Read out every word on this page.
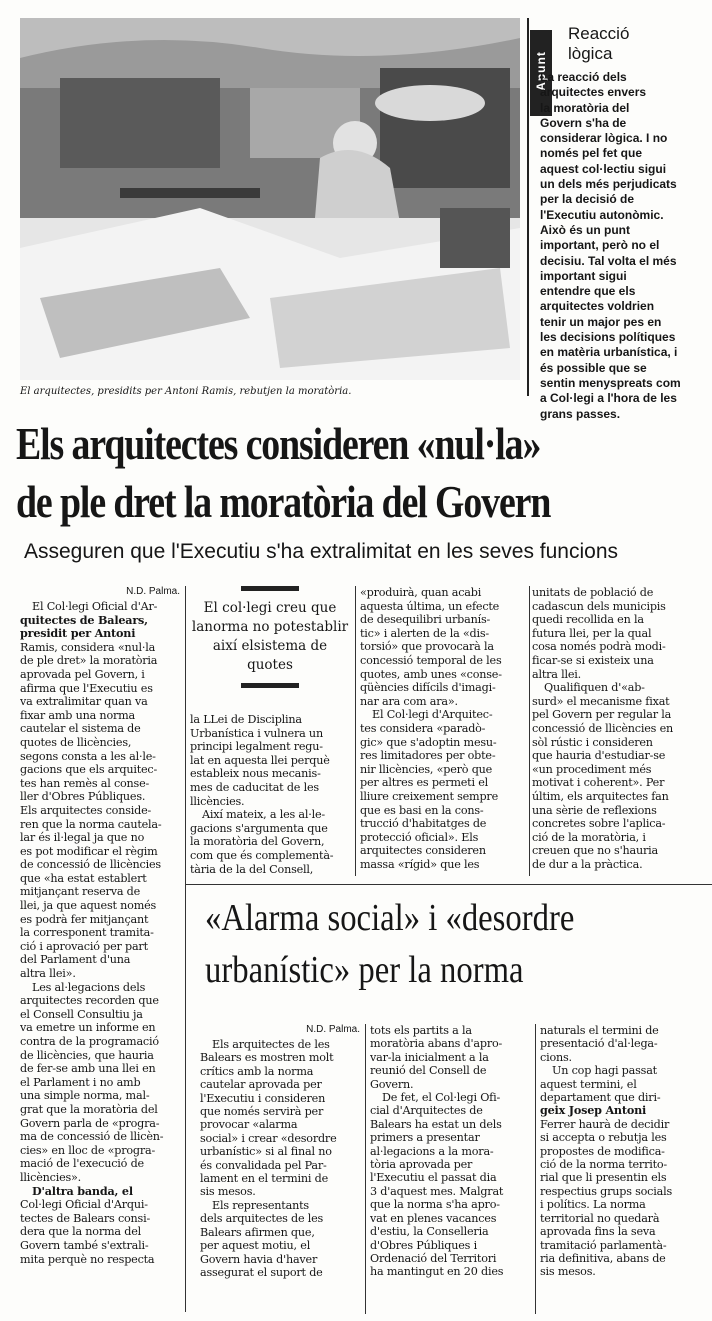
El arquitectes, presidits per Antoni Ramis, rebutjen la moratòria.
Apunt
Reacció
lògica
La reacció dels
arquitectes envers
la moratòria del
Govern s'ha de
considerar lògica. I no
només pel fet que
aquest col·lectiu sigui
un dels més perjudicats
per la decisió de
l'Executiu autonòmic.
Això és un punt
important, però no el
decisiu. Tal volta el més
important sigui
entendre que els
arquitectes voldrien
tenir un major pes en
les decisions polítiques
en matèria urbanística, i
és possible que se
sentin menyspreats com
a Col·legi a l'hora de les
grans passes.
Els arquitectes consideren «nul·la»
de ple dret la moratòria del Govern
Asseguren que l'Executiu s'ha extralimitat en les seves funcions
N.D. Palma.
El Col·legi Oficial d'Ar-
quitectes de Balears,
presidit per Antoni
Ramis, considera «nul·la
de ple dret» la moratòria
aprovada pel Govern, i
afirma que l'Executiu es
va extralimitar quan va
fixar amb una norma
cautelar el sistema de
quotes de llicències,
segons consta a les al·le-
gacions que els arquitec-
tes han remès al conse-
ller d'Obres Públiques.
Els arquitectes conside-
ren que la norma cautela-
lar és il·legal ja que no
es pot modificar el règim
de concessió de llicències
que «ha estat establert
mitjançant reserva de
llei, ja que aquest només
es podrà fer mitjançant
la corresponent tramita-
ció i aprovació per part
del Parlament d'una
altra llei».
Les al·legacions dels
arquitectes recorden que
el Consell Consultiu ja
va emetre un informe en
contra de la programació
de llicències, que hauria
de fer-se amb una llei en
el Parlament i no amb
una simple norma, mal-
grat que la moratòria del
Govern parla de «progra-
ma de concessió de llicèn-
cies» en lloc de «progra-
mació de l'execució de
llicències».
D'altra banda, el
Col·legi Oficial d'Arqui-
tectes de Balears consi-
dera que la norma del
Govern també s'extrali-
mita perquè no respecta
El col·legi creu que lanorma no potestablir així elsistema de quotes
la LLei de Disciplina
Urbanística i vulnera un
principi legalment regu-
lat en aquesta llei perquè
estableix nous mecanis-
mes de caducitat de les
llicències.
Així mateix, a les al·le-
gacions s'argumenta que
la moratòria del Govern,
com que és complementà-
tària de la del Consell,
«produirà, quan acabi
aquesta última, un efecte
de desequilibri urbanís-
tic» i alerten de la «dis-
torsió» que provocarà la
concessió temporal de les
quotes, amb unes «conse-
qüències difícils d'imagi-
nar ara com ara».
El Col·legi d'Arquitec-
tes considera «paradò-
gic» que s'adoptin mesu-
res limitadores per obte-
nir llicències, «però que
per altres es permeti el
lliure creixement sempre
que es basi en la cons-
trucció d'habitatges de
protecció oficial». Els
arquitectes consideren
massa «rígid» que les
unitats de població de
cadascun dels municipis
quedi recollida en la
futura llei, per la qual
cosa només podrà modi-
ficar-se si existeix una
altra llei.
Qualifiquen d'«ab-
surd» el mecanisme fixat
pel Govern per regular la
concessió de llicències en
sòl rústic i consideren
que hauria d'estudiar-se
«un procediment més
motivat i coherent». Per
últim, els arquitectes fan
una sèrie de reflexions
concretes sobre l'aplica-
ció de la moratòria, i
creuen que no s'hauria
de dur a la pràctica.
«Alarma social» i «desordre
urbanístic» per la norma
N.D. Palma.
Els arquitectes de les
Balears es mostren molt
crítics amb la norma
cautelar aprovada per
l'Executiu i consideren
que només servirà per
provocar «alarma
social» i crear «desordre
urbanístic» si al final no
és convalidada pel Par-
lament en el termini de
sis mesos.
Els representants
dels arquitectes de les
Balears afirmen que,
per aquest motiu, el
Govern havia d'haver
assegurat el suport de
tots els partits a la
moratòria abans d'apro-
var-la inicialment a la
reunió del Consell de
Govern.
De fet, el Col·legi Ofi-
cial d'Arquitectes de
Balears ha estat un dels
primers a presentar
al·legacions a la mora-
tòria aprovada per
l'Executiu el passat dia
3 d'aquest mes. Malgrat
que la norma s'ha apro-
vat en plenes vacances
d'estiu, la Conselleria
d'Obres Públiques i
Ordenació del Territori
ha mantingut en 20 dies
naturals el termini de
presentació d'al·lega-
cions.
Un cop hagi passat
aquest termini, el
departament que diri-
geix Josep Antoni
Ferrer haurà de decidir
si accepta o rebutja les
propostes de modifica-
ció de la norma territo-
rial que li presentin els
respectius grups socials
i polítics. La norma
territorial no quedarà
aprovada fins la seva
tramitació parlamentà-
ria definitiva, abans de
sis mesos.
